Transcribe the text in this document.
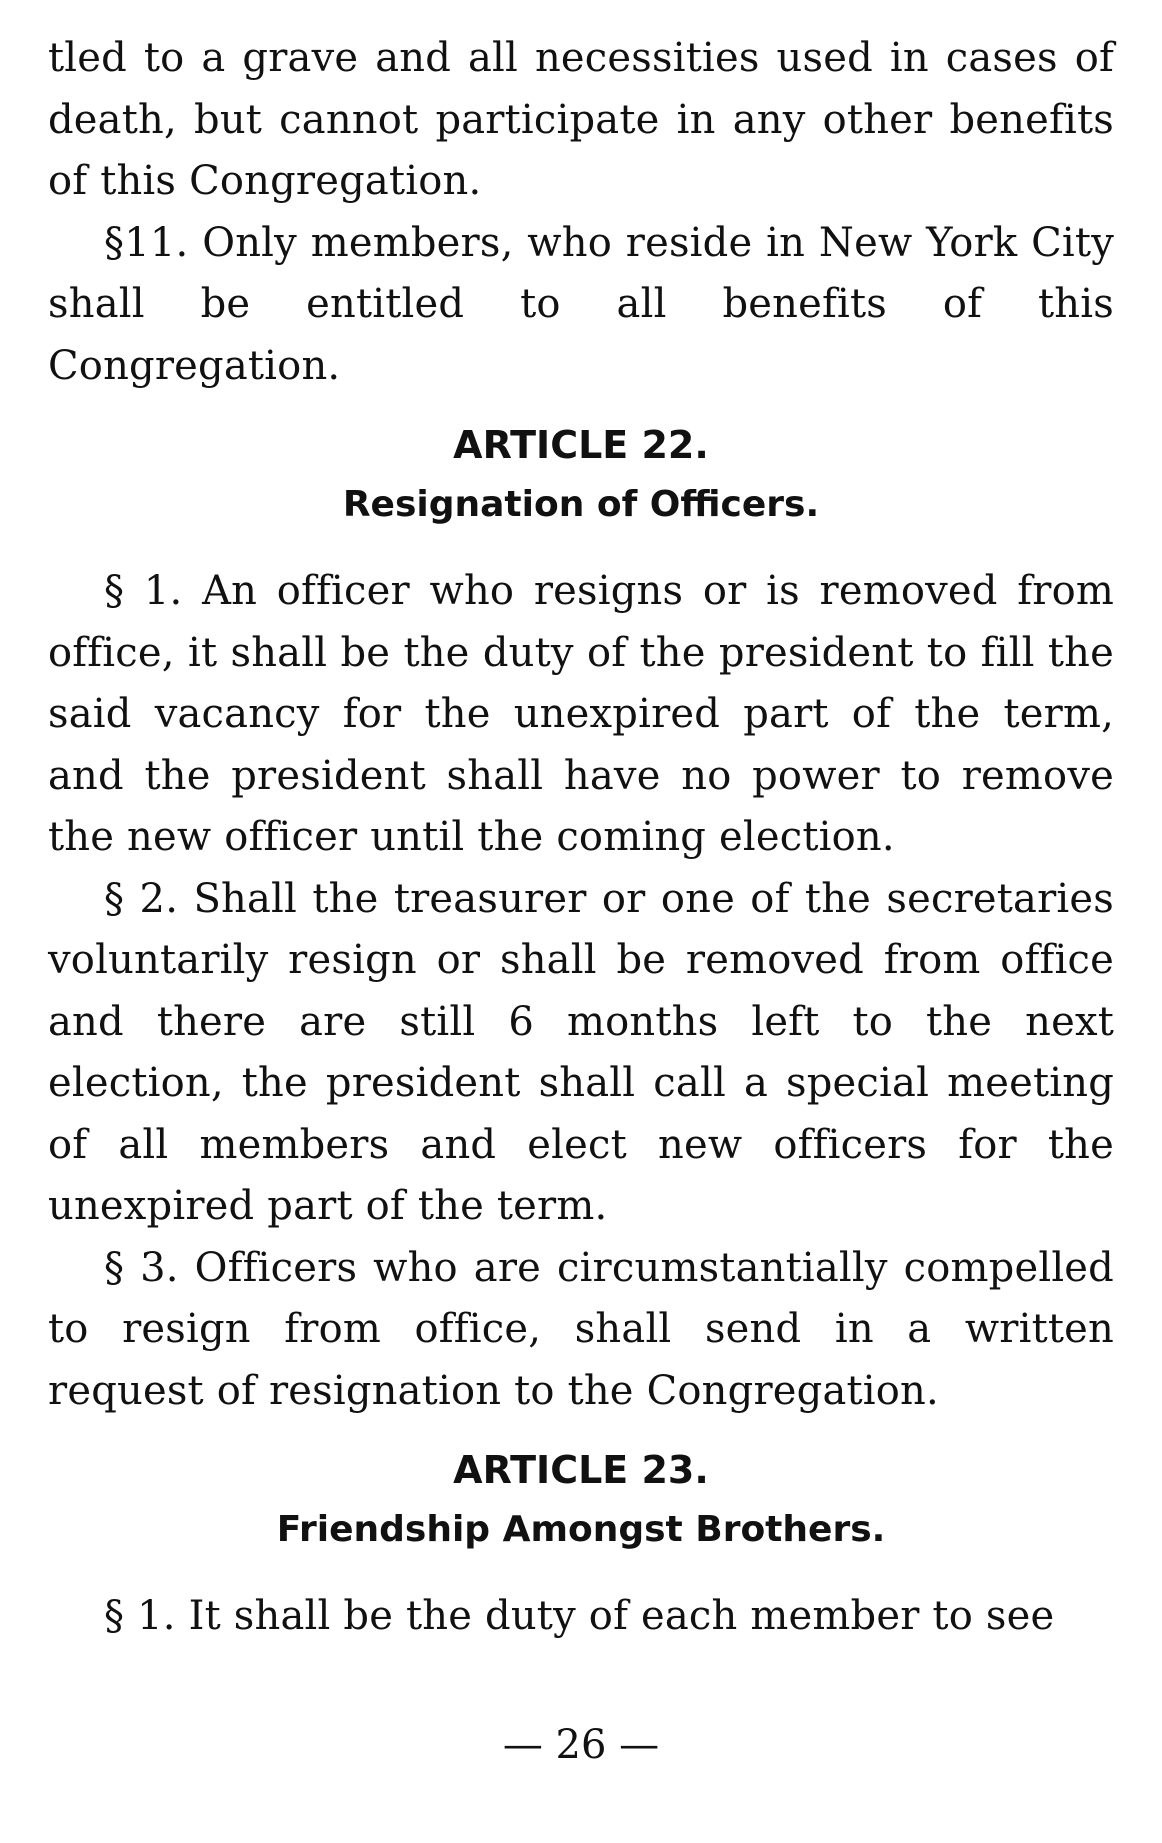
tled to a grave and all necessities used in cases of death, but cannot participate in any other benefits of this Congregation.

§11. Only members, who reside in New York City shall be entitled to all benefits of this Congregation.

ARTICLE 22.
Resignation of Officers.

§ 1. An officer who resigns or is removed from office, it shall be the duty of the president to fill the said vacancy for the unexpired part of the term, and the president shall have no power to remove the new officer until the coming election.

§ 2. Shall the treasurer or one of the secretaries voluntarily resign or shall be removed from office and there are still 6 months left to the next election, the president shall call a special meeting of all members and elect new officers for the unexpired part of the term.

§ 3. Officers who are circumstantially compelled to resign from office, shall send in a written request of resignation to the Congregation.

ARTICLE 23.
Friendship Amongst Brothers.

§ 1. It shall be the duty of each member to see

— 26 —
